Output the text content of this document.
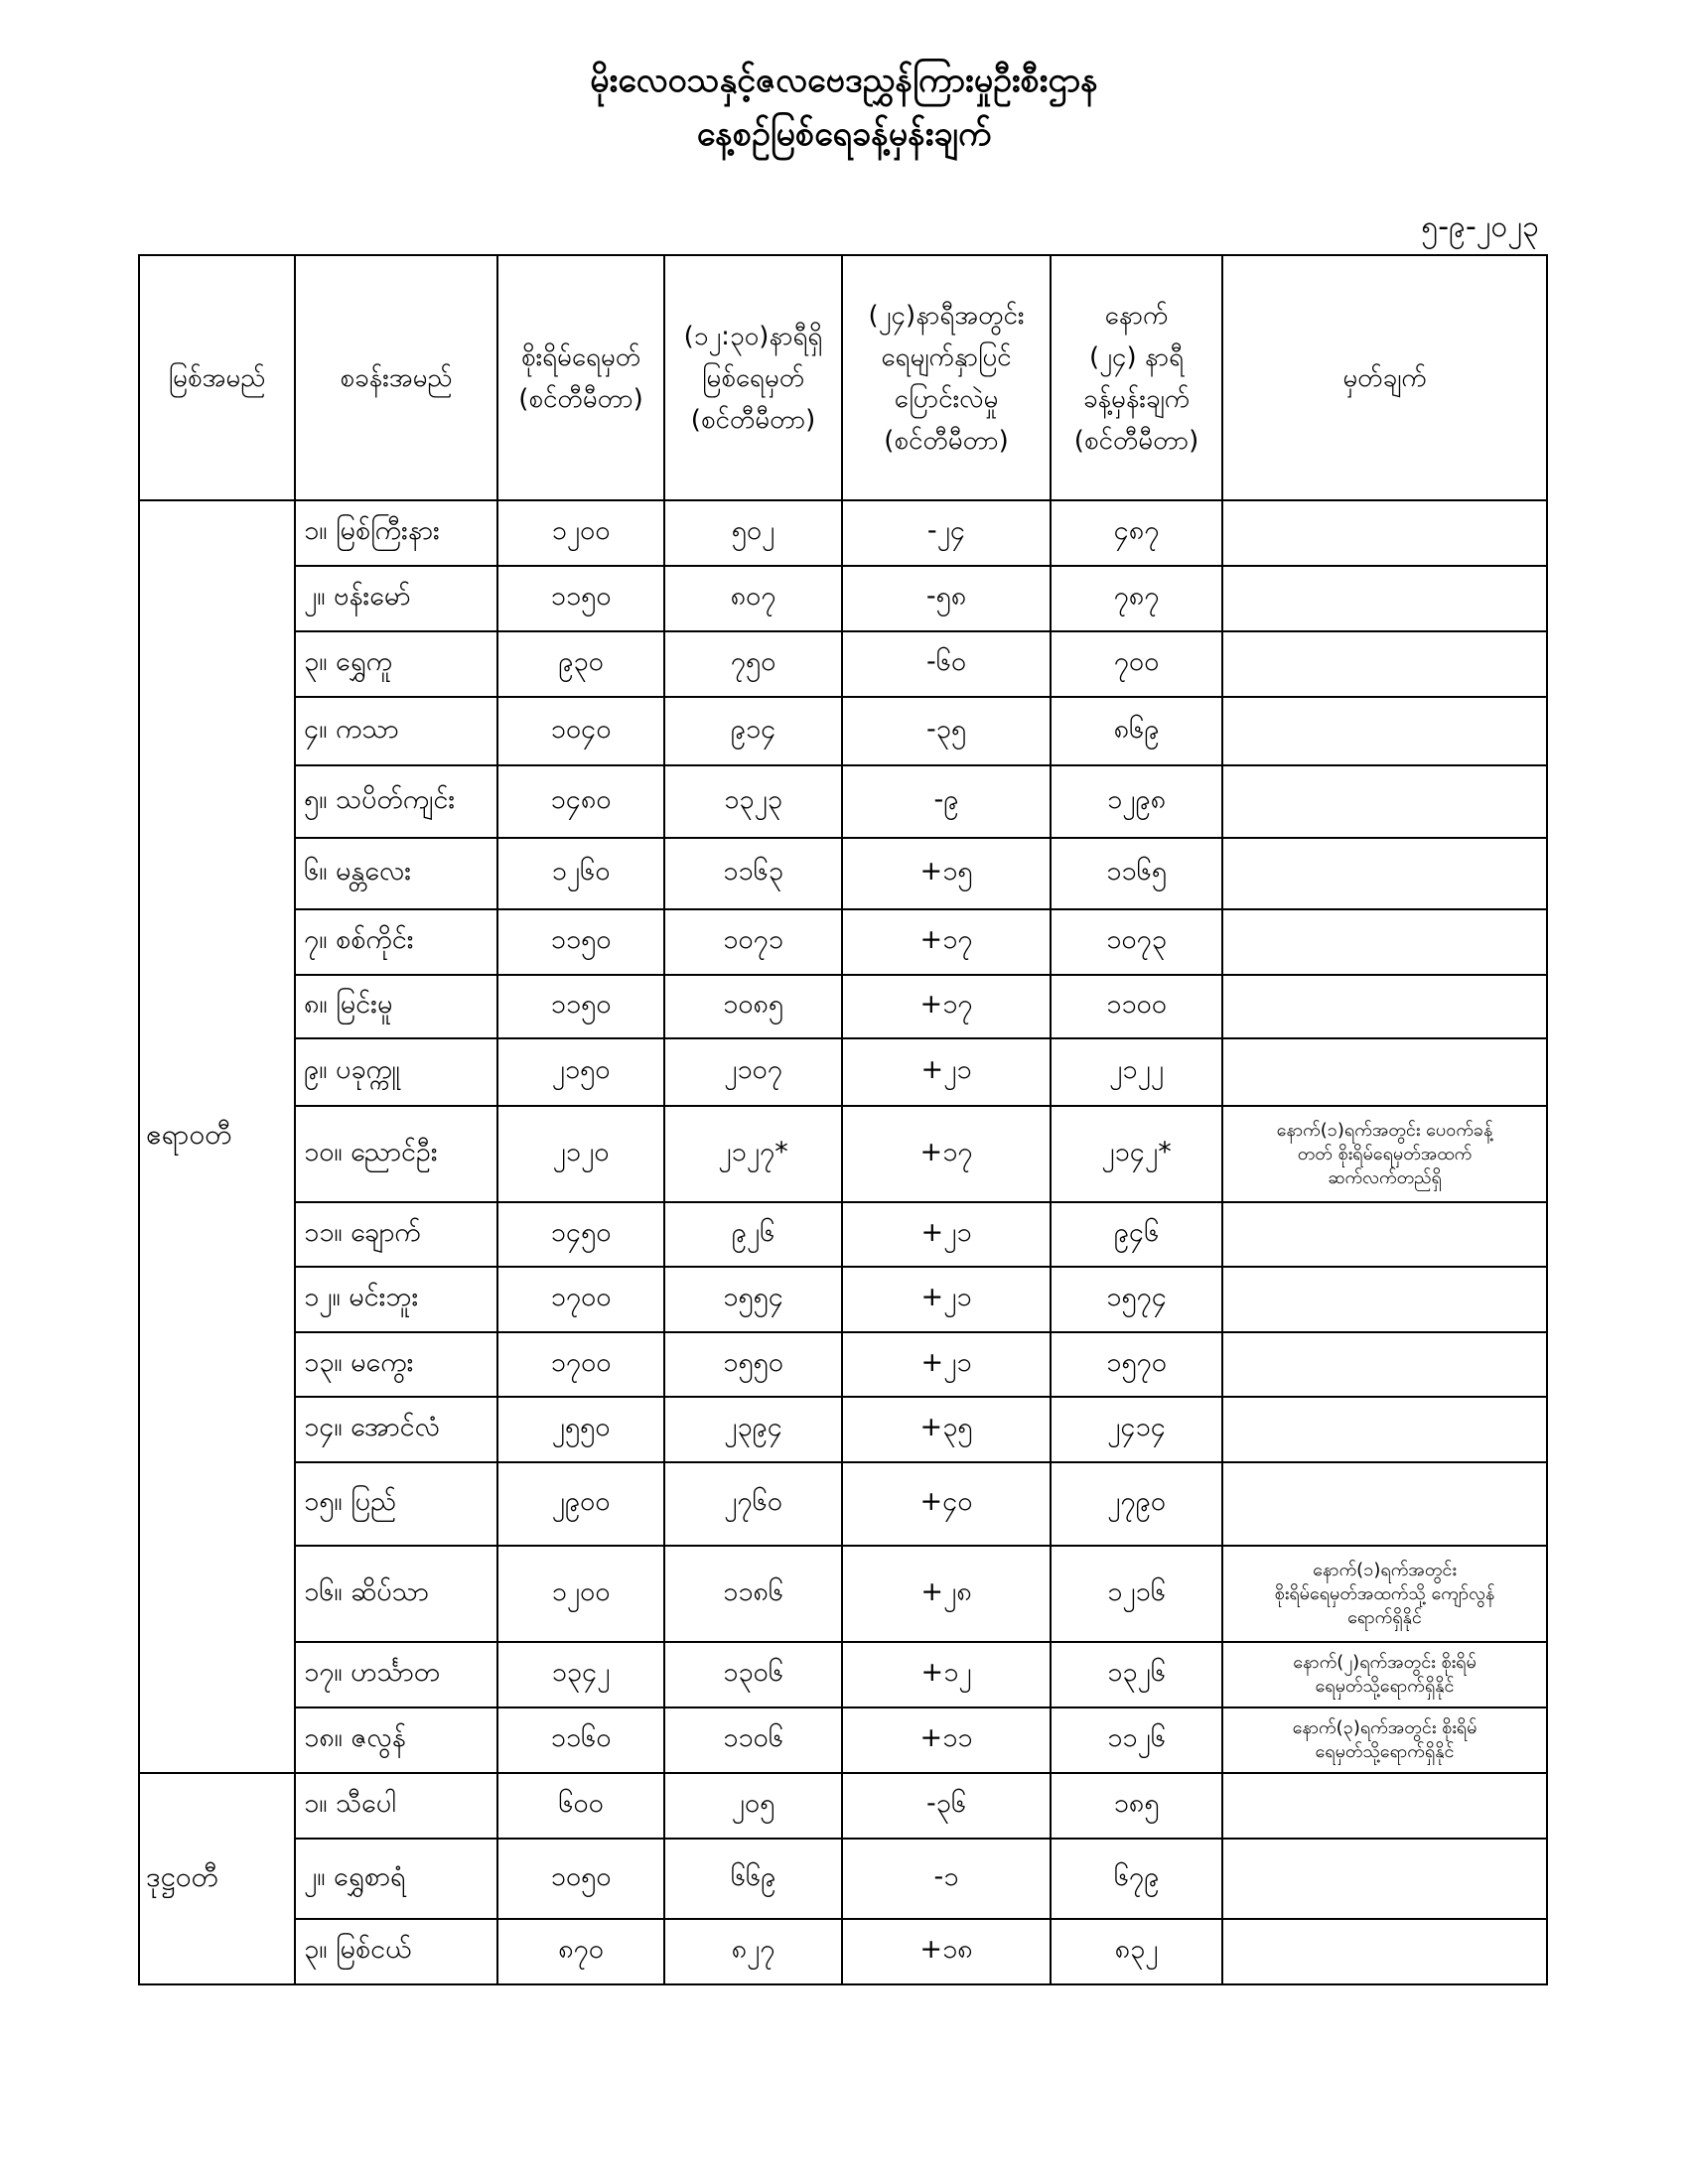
မိုးလေဝသနှင့်ဇလဗေဒညွှန်ကြားမှုဦးစီးဌာန
နေ့စဉ်မြစ်ရေခန့်မှန်းချက်
၅-၉-၂၀၂၃
မြစ်အမည်	စခန်းအမည်	စိုးရိမ်ရေမှတ်
(စင်တီမီတာ)	(၁၂:၃၀)နာရီရှိ
မြစ်ရေမှတ်
(စင်တီမီတာ)	(၂၄)နာရီအတွင်း
ရေမျက်နှာပြင်
ပြောင်းလဲမှု
(စင်တီမီတာ)	နောက်
(၂၄) နာရီ
ခန့်မှန်းချက်
(စင်တီမီတာ)	မှတ်ချက်
ဧရာဝတီ	၁။ မြစ်ကြီးနား	၁၂၀၀	၅၀၂	-၂၄	၄၈၇	
	၂။ ဗန်းမော်	၁၁၅၀	၈၀၇	-၅၈	၇၈၇	
	၃။ ရွှေကူ	၉၃၀	၇၅၀	-၆၀	၇၀၀	
	၄။ ကသာ	၁၀၄၀	၉၁၄	-၃၅	၈၆၉	
	၅။ သပိတ်ကျင်း	၁၄၈၀	၁၃၂၃	-၉	၁၂၉၈	
	၆။ မန္တလေး	၁၂၆၀	၁၁၆၃	+၁၅	၁၁၆၅	
	၇။ စစ်ကိုင်း	၁၁၅၀	၁၀၇၁	+၁၇	၁၀၇၃	
	၈။ မြင်းမူ	၁၁၅၀	၁၀၈၅	+၁၇	၁၁၀၀	
	၉။ ပခုက္ကူ	၂၁၅၀	၂၁၀၇	+၂၁	၂၁၂၂	
	၁၀။ ညောင်ဦး	၂၁၂၀	၂၁၂၇*	+၁၇	၂၁၄၂*	နောက်(၁)ရက်အတွင်း ပေ၀က်ခန့်
တတ် စိုးရိမ်ရေမှတ်အထက်
ဆက်လက်တည်ရှိ

	၁၁။ ချောက်	၁၄၅၀	၉၂၆	+၂၁	၉၄၆	
	၁၂။ မင်းဘူး	၁၇၀၀	၁၅၅၄	+၂၁	၁၅၇၄	
	၁၃။ မကွေး	၁၇၀၀	၁၅၅၀	+၂၁	၁၅၇၀	
	၁၄။ အောင်လံ	၂၅၅၀	၂၃၉၄	+၃၅	၂၄၁၄	
	၁၅။ ပြည်	၂၉၀၀	၂၇၆၀	+၄၀	၂၇၉၀	
	၁၆။ ဆိပ်သာ	၁၂၀၀	၁၁၈၆	+၂၈	၁၂၁၆	နောက်(၁)ရက်အတွင်း
စိုးရိမ်ရေမှတ်အထက်သို့ ကျော်လွန်
ရောက်ရှိနိုင်

	၁၇။ ဟင်္သာတ	၁၃၄၂	၁၃၀၆	+၁၂	၁၃၂၆	နောက်(၂)ရက်အတွင်း စိုးရိမ်
ရေမှတ်သို့ရောက်ရှိနိုင်

	၁၈။ ဇလွန်	၁၁၆၀	၁၁၀၆	+၁၁	၁၁၂၆	နောက်(၃)ရက်အတွင်း စိုးရိမ်
ရေမှတ်သို့ရောက်ရှိနိုင်

ဒုဋ္ဌဝတီ	၁။ သီပေါ	၆၀၀	၂၀၅	-၃၆	၁၈၅	
	၂။ ရွှေစာရံ	၁၀၅၀	၆၆၉	-၁	၆၇၉	
	၃။ မြစ်ငယ်	၈၇၀	၈၂၇	+၁၈	၈၃၂	
